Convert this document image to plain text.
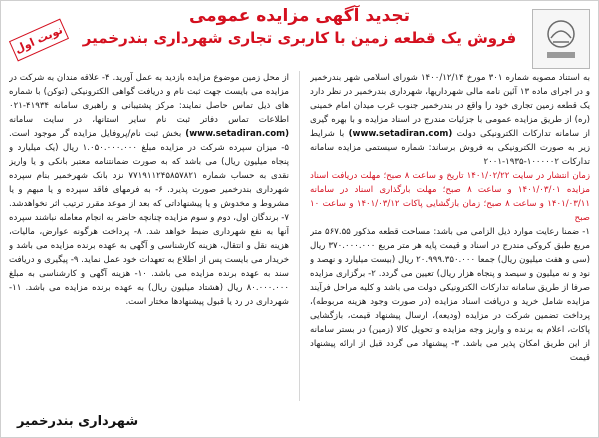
نوبت اول

تجدید آگهی مزایده عمومی

فروش یک قطعه زمین با کاربری تجاری شهرداری بندرخمیر

به استناد مصوبه شماره ۳۰۱ مورخ ۱۴۰۰/۱۲/۱۴ شورای اسلامی شهر بندرخمیر و در اجرای ماده ۱۳ آئین نامه مالی شهرداریها، شهرداری بندرخمیر در نظر دارد یک قطعه زمین تجاری خود را واقع در بندرخمیر جنوب غرب میدان امام خمینی (ره) از طریق مزایده عمومی با جزئیات مندرج در اسناد مزایده و با بهره گیری از سامانه تدارکات الکترونیکی دولت (www.setadiran.com) با شرایط زیر به صورت الکترونیکی به فروش برساند: شماره سیستمی مزایده سامانه تدارکات ۱۰۰۰۰۰۲-۱۹۳۵-۲۰۰۱

زمان انتشار در سایت ۱۴۰۱/۰۲/۲۲ تاریخ و ساعت ۸ صبح؛ مهلت دریافت اسناد مزایده ۱۴۰۱/۰۳/۰۱ و ساعت ۸ صبح؛ مهلت بارگذاری اسناد در سامانه ۱۴۰۱/۰۳/۱۱ و ساعت ۸ صبح؛ زمان بازگشایی پاکات ۱۴۰۱/۰۳/۱۲ و ساعت ۱۰ صبح

۱- ضمنا رعایت موارد ذیل الزامی می باشد: مساحت قطعه مذکور ۵۶۷.۵۵ متر مربع طبق کروکی مندرج در اسناد و قیمت پایه هر متر مربع ۳۷۰.۰۰۰.۰۰۰ ریال (سی و هفت میلیون ریال) جمعا ۲۰.۹۹۹.۳۵۰.۰۰۰ ریال (بیست میلیارد و نهصد و نود و نه میلیون و سیصد و پنجاه هزار ریال) تعیین می گردد. ۲- برگزاری مزایده صرفا از طریق سامانه تدارکات الکترونیکی دولت می باشد و کلیه مراحل فرآیند مزایده شامل خرید و دریافت اسناد مزایده (در صورت وجود هزینه مربوطه)، پرداخت تضمین شرکت در مزایده (ودیعه)، ارسال پیشنهاد قیمت، بازگشایی پاکات، اعلام به برنده و واریز وجه مزایده و تحویل کالا (زمین) در بستر سامانه از این طریق امکان پذیر می باشد. ۳- پیشنهاد می گردد قبل از ارائه پیشنهاد قیمت

از محل زمین موضوع مزایده بازدید به عمل آورید. ۴- علاقه مندان به شرکت در مزایده می بایست جهت ثبت نام و دریافت گواهی الکترونیکی (توکن) با شماره های ذیل تماس حاصل نمایند: مرکز پشتیبانی و راهبری سامانه ۴۱۹۳۴-۰۲۱ اطلاعات تماس دفاتر ثبت نام سایر استانها، در سایت سامانه (www.setadiran.com) بخش ثبت نام/پروفایل مزایده گر موجود است. ۵- میزان سپرده شرکت در مزایده مبلغ ۱.۰۵۰.۰۰۰.۰۰۰ ریال (یک میلیارد و پنجاه میلیون ریال) می باشد که به صورت ضمانتنامه معتبر بانکی و یا واریز نقدی به حساب شماره ۷۷۱۹۱۱۲۴۵۸۵۷۸۲۱ نزد بانک شهرخمیر بنام سپرده شهرداری بندرخمیر صورت پذیرد. ۶- به فرمهای فاقد سپرده و یا مبهم و یا مشروط و مخدوش و یا پیشنهاداتی که بعد از موعد مقرر ترتیب اثر نخواهدشد. ۷- برندگان اول، دوم و سوم مزایده چنانچه حاضر به انجام معامله نباشند سپرده آنها به نفع شهرداری ضبط خواهد شد. ۸- پرداخت هرگونه عوارض، مالیات، هزینه نقل و انتقال، هزینه کارشناسی و آگهی به عهده برنده مزایده می باشد و خریدار می بایست پس از اطلاع به تعهدات خود عمل نماید. ۹- پیگیری و دریافت سند به عهده برنده مزایده می باشد. ۱۰- هزینه آگهی و کارشناسی به مبلغ ۸۰.۰۰۰.۰۰۰ ریال (هشتاد میلیون ریال) به عهده برنده مزایده می باشد. ۱۱- شهرداری در رد یا قبول پیشنهادها مختار است.

شهرداری بندرخمیر
